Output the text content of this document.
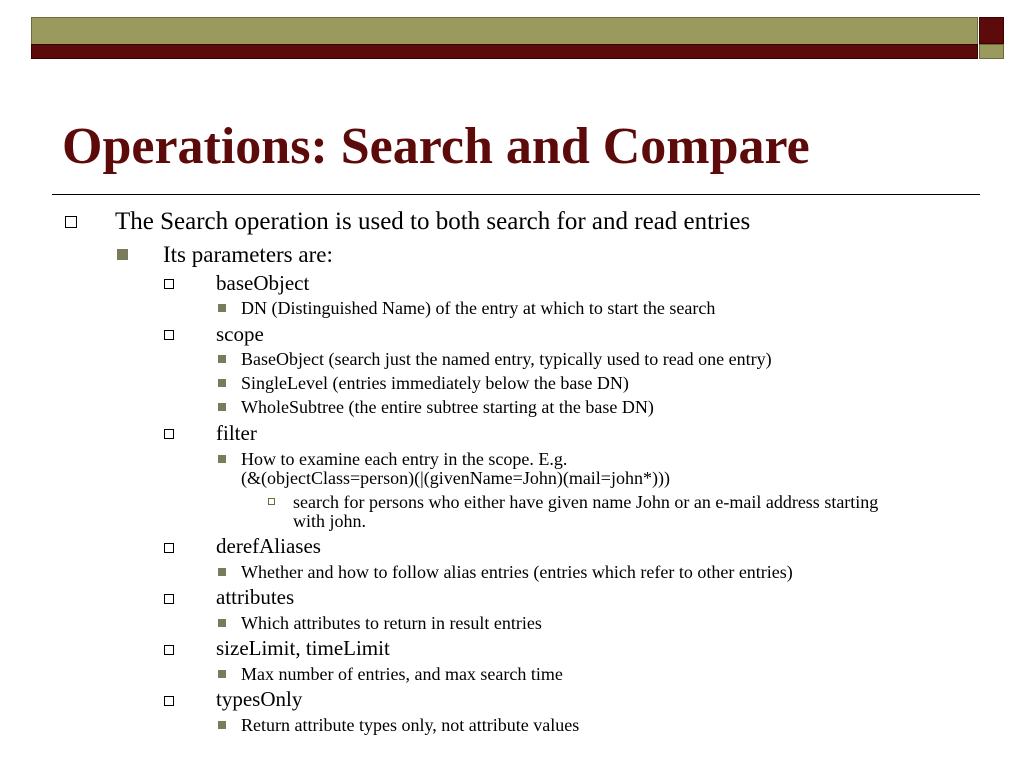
Operations: Search and Compare
The Search operation is used to both search for and read entries
Its parameters are:
baseObject
DN (Distinguished Name) of the entry at which to start the search
scope
BaseObject (search just the named entry, typically used to read one entry)
SingleLevel (entries immediately below the base DN)
WholeSubtree (the entire subtree starting at the base DN)
filter
How to examine each entry in the scope. E.g.
(&(objectClass=person)(|(givenName=John)(mail=john*)))
search for persons who either have given name John or an e-mail address starting
with john.
derefAliases
Whether and how to follow alias entries (entries which refer to other entries)
attributes
Which attributes to return in result entries
sizeLimit, timeLimit
Max number of entries, and max search time
typesOnly
Return attribute types only, not attribute values
